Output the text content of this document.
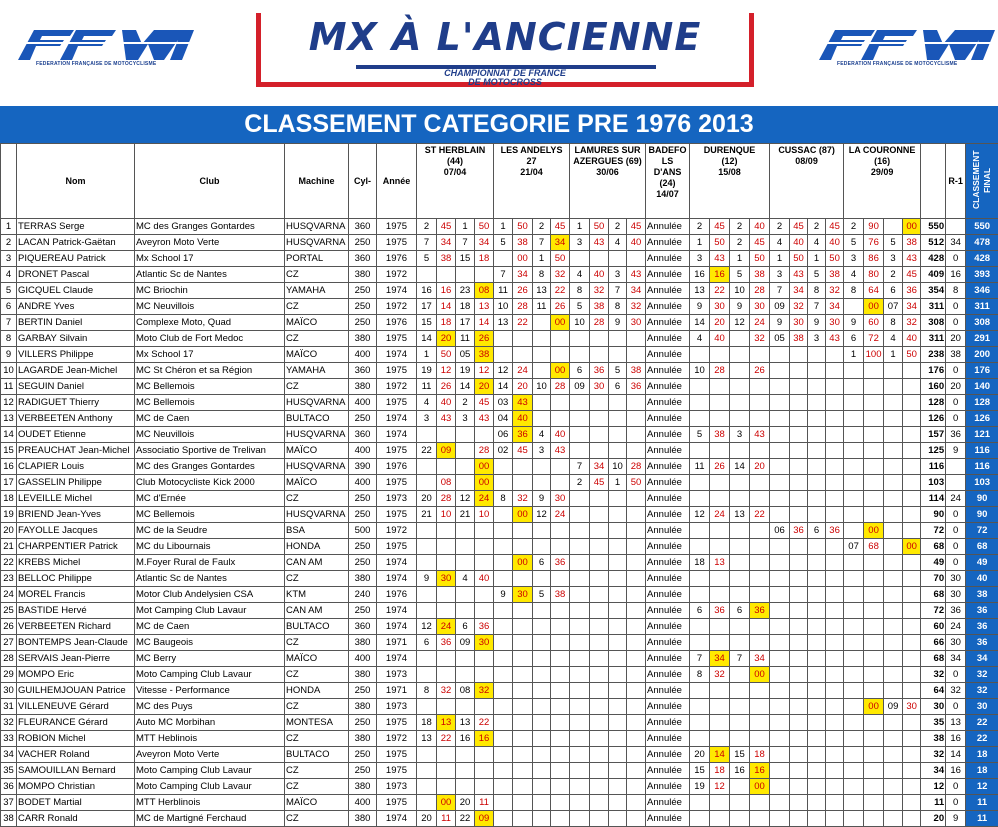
FEDERATION FRANÇAISE DE MOTOCYCLISME
MX À L'ANCIENNE
CHAMPIONNAT DE FRANCE
DE MOTOCROSS
FEDERATION FRANÇAISE DE MOTOCYCLISME
CLASSEMENT CATEGORIE PRE 1976 2013
	Nom	Club	Machine	Cyl-	Année	ST HERBLAIN
(44)
07/04				LES ANDELYS
27
21/04				LAMURES SUR AZERGUES (69)
30/06				BADEFO LS D'ANS
(24)
14/07	DURENQUE
(12)
15/08				CUSSAC (87)
08/09				LA COURONNE
(16)
29/09					R-1	CLASSEMENT FINAL
1	TERRAS Serge	MC des Granges Gontardes	HUSQVARNA	360	1975	2	45	1	50	1	50	2	45	1	50	2	45	Annulée	2	45	2	40	2	45	2	45	2	90		00	550		550
2	LACAN Patrick-Gaëtan	Aveyron Moto Verte	HUSQVARNA	250	1975	7	34	7	34	5	38	7	34	3	43	4	40	Annulée	1	50	2	45	4	40	4	40	5	76	5	38	512	34	478
3	PIQUEREAU Patrick	Mx School 17	PORTAL	360	1976	5	38	15	18		00	1	50					Annulée	3	43	1	50	1	50	1	50	3	86	3	43	428	0	428
4	DRONET Pascal	Atlantic Sc de Nantes	CZ	380	1972					7	34	8	32	4	40	3	43	Annulée	16	16	5	38	3	43	5	38	4	80	2	45	409	16	393
5	GICQUEL Claude	MC Briochin	YAMAHA	250	1974	16	16	23	08	11	26	13	22	8	32	7	34	Annulée	13	22	10	28	7	34	8	32	8	64	6	36	354	8	346
6	ANDRE Yves	MC Neuvillois	CZ	250	1972	17	14	18	13	10	28	11	26	5	38	8	32	Annulée	9	30	9	30	09	32	7	34		00	07	34	311	0	311
7	BERTIN Daniel	Complexe Moto, Quad	MAÏCO	250	1976	15	18	17	14	13	22		00	10	28	9	30	Annulée	14	20	12	24	9	30	9	30	9	60	8	32	308	0	308
8	GARBAY Silvain	Moto Club de Fort Medoc	CZ	380	1975	14	20	11	26									Annulée	4	40		32	05	38	3	43	6	72	4	40	311	20	291
9	VILLERS Philippe	Mx School 17	MAÏCO	400	1974	1	50	05	38									Annulée									1	100	1	50	238	38	200
10	LAGARDE Jean-Michel	MC St Chéron et sa Région	YAMAHA	360	1975	19	12	19	12	12	24		00	6	36	5	38	Annulée	10	28		26									176	0	176
11	SEGUIN Daniel	MC Bellemois	CZ	380	1972	11	26	14	20	14	20	10	28	09	30	6	36	Annulée													160	20	140
12	RADIGUET Thierry	MC Bellemois	HUSQVARNA	400	1975	4	40	2	45	03	43							Annulée													128	0	128
13	VERBEETEN Anthony	MC de Caen	BULTACO	250	1974	3	43	3	43	04	40							Annulée													126	0	126
14	OUDET Etienne	MC Neuvillois	HUSQVARNA	360	1974					06	36	4	40					Annulée	5	38	3	43									157	36	121
15	PREAUCHAT Jean-Michel	Associatio Sportive de Trelivan	MAÏCO	400	1975	22	09		28	02	45	3	43					Annulée													125	9	116
16	CLAPIER Louis	MC des Granges Gontardes	HUSQVARNA	390	1976				00					7	34	10	28	Annulée	11	26	14	20									116		116
17	GASSELIN Philippe	Club Motocycliste Kick 2000	MAÏCO	400	1975		08		00					2	45	1	50	Annulée													103		103
18	LEVEILLE Michel	MC d'Ernée	CZ	250	1973	20	28	12	24	8	32	9	30					Annulée													114	24	90
19	BRIEND Jean-Yves	MC Bellemois	HUSQVARNA	250	1975	21	10	21	10		00	12	24					Annulée	12	24	13	22									90	0	90
20	FAYOLLE Jacques	MC de la Seudre	BSA	500	1972													Annulée					06	36	6	36		00			72	0	72
21	CHARPENTIER Patrick	MC du Libournais	HONDA	250	1975													Annulée									07	68		00	68	0	68
22	KREBS Michel	M.Foyer Rural de Faulx	CAN AM	250	1974						00	6	36					Annulée	18	13											49	0	49
23	BELLOC Philippe	Atlantic Sc de Nantes	CZ	380	1974	9	30	4	40									Annulée													70	30	40
24	MOREL Francis	Motor Club Andelysien CSA	KTM	240	1976					9	30	5	38					Annulée													68	30	38
25	BASTIDE Hervé	Mot Camping Club Lavaur	CAN AM	250	1974													Annulée	6	36	6	36									72	36	36
26	VERBEETEN Richard	MC de Caen	BULTACO	360	1974	12	24	6	36									Annulée													60	24	36
27	BONTEMPS Jean-Claude	MC Baugeois	CZ	380	1971	6	36	09	30									Annulée													66	30	36
28	SERVAIS Jean-Pierre	MC Berry	MAÏCO	400	1974													Annulée	7	34	7	34									68	34	34
29	MOMPO Eric	Moto Camping Club Lavaur	CZ	380	1973													Annulée	8	32		00									32	0	32
30	GUILHEMJOUAN Patrice	Vitesse - Performance	HONDA	250	1971	8	32	08	32									Annulée													64	32	32
31	VILLENEUVE Gérard	MC des Puys	CZ	380	1973													Annulée										00	09	30	30	0	30
32	FLEURANCE Gérard	Auto MC Morbihan	MONTESA	250	1975	18	13	13	22									Annulée													35	13	22
33	ROBION Michel	MTT Heblinois	CZ	380	1972	13	22	16	16									Annulée													38	16	22
34	VACHER Roland	Aveyron Moto Verte	BULTACO	250	1975													Annulée	20	14	15	18									32	14	18
35	SAMOUILLAN Bernard	Moto Camping Club Lavaur	CZ	250	1975													Annulée	15	18	16	16									34	16	18
36	MOMPO Christian	Moto Camping Club Lavaur	CZ	380	1973													Annulée	19	12		00									12	0	12
37	BODET Martial	MTT Herblinois	MAÏCO	400	1975		00	20	11									Annulée													11	0	11
38	CARR Ronald	MC de Martigné Ferchaud	CZ	380	1974	20	11	22	09									Annulée													20	9	11
